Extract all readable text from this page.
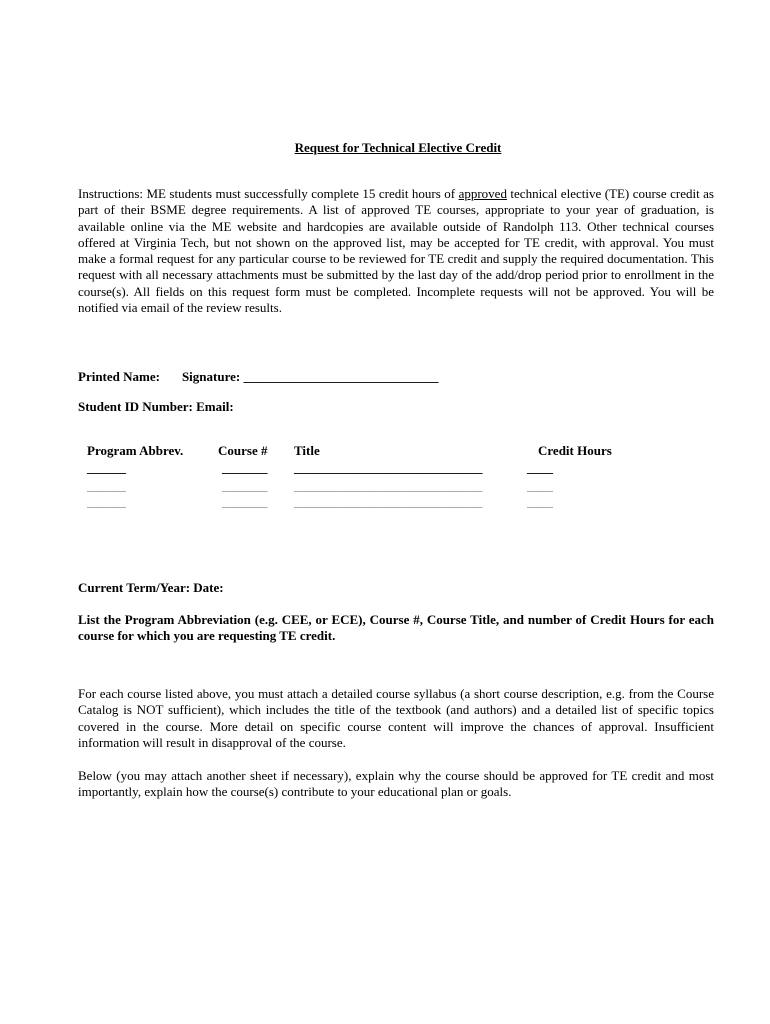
Request for Technical Elective Credit

Instructions: ME students must successfully complete 15 credit hours of approved technical elective (TE) course credit as part of their BSME degree requirements. A list of approved TE courses, appropriate to your year of graduation, is available online via the ME website and hardcopies are available outside of Randolph 113. Other technical courses offered at Virginia Tech, but not shown on the approved list, may be accepted for TE credit, with approval. You must make a formal request for any particular course to be reviewed for TE credit and supply the required documentation. This request with all necessary attachments must be submitted by the last day of the add/drop period prior to enrollment in the course(s). All fields on this request form must be completed. Incomplete requests will not be approved. You will be notified via email of the review results.

Printed Name: Signature: ______________________________
Student ID Number: Email:
Program Abbrev.	Course # Title	Credit Hours
______	_______ _____________________________	____
______	_______ _____________________________	____
______	_______ _____________________________	____
Current Term/Year: Date:

List the Program Abbreviation (e.g. CEE, or ECE), Course #, Course Title, and number of Credit Hours for each course for which you are requesting TE credit.

For each course listed above, you must attach a detailed course syllabus (a short course description, e.g. from the Course Catalog is NOT sufficient), which includes the title of the textbook (and authors) and a detailed list of specific topics covered in the course. More detail on specific course content will improve the chances of approval. Insufficient information will result in disapproval of the course.

Below (you may attach another sheet if necessary), explain why the course should be approved for TE credit and most importantly, explain how the course(s) contribute to your educational plan or goals.
